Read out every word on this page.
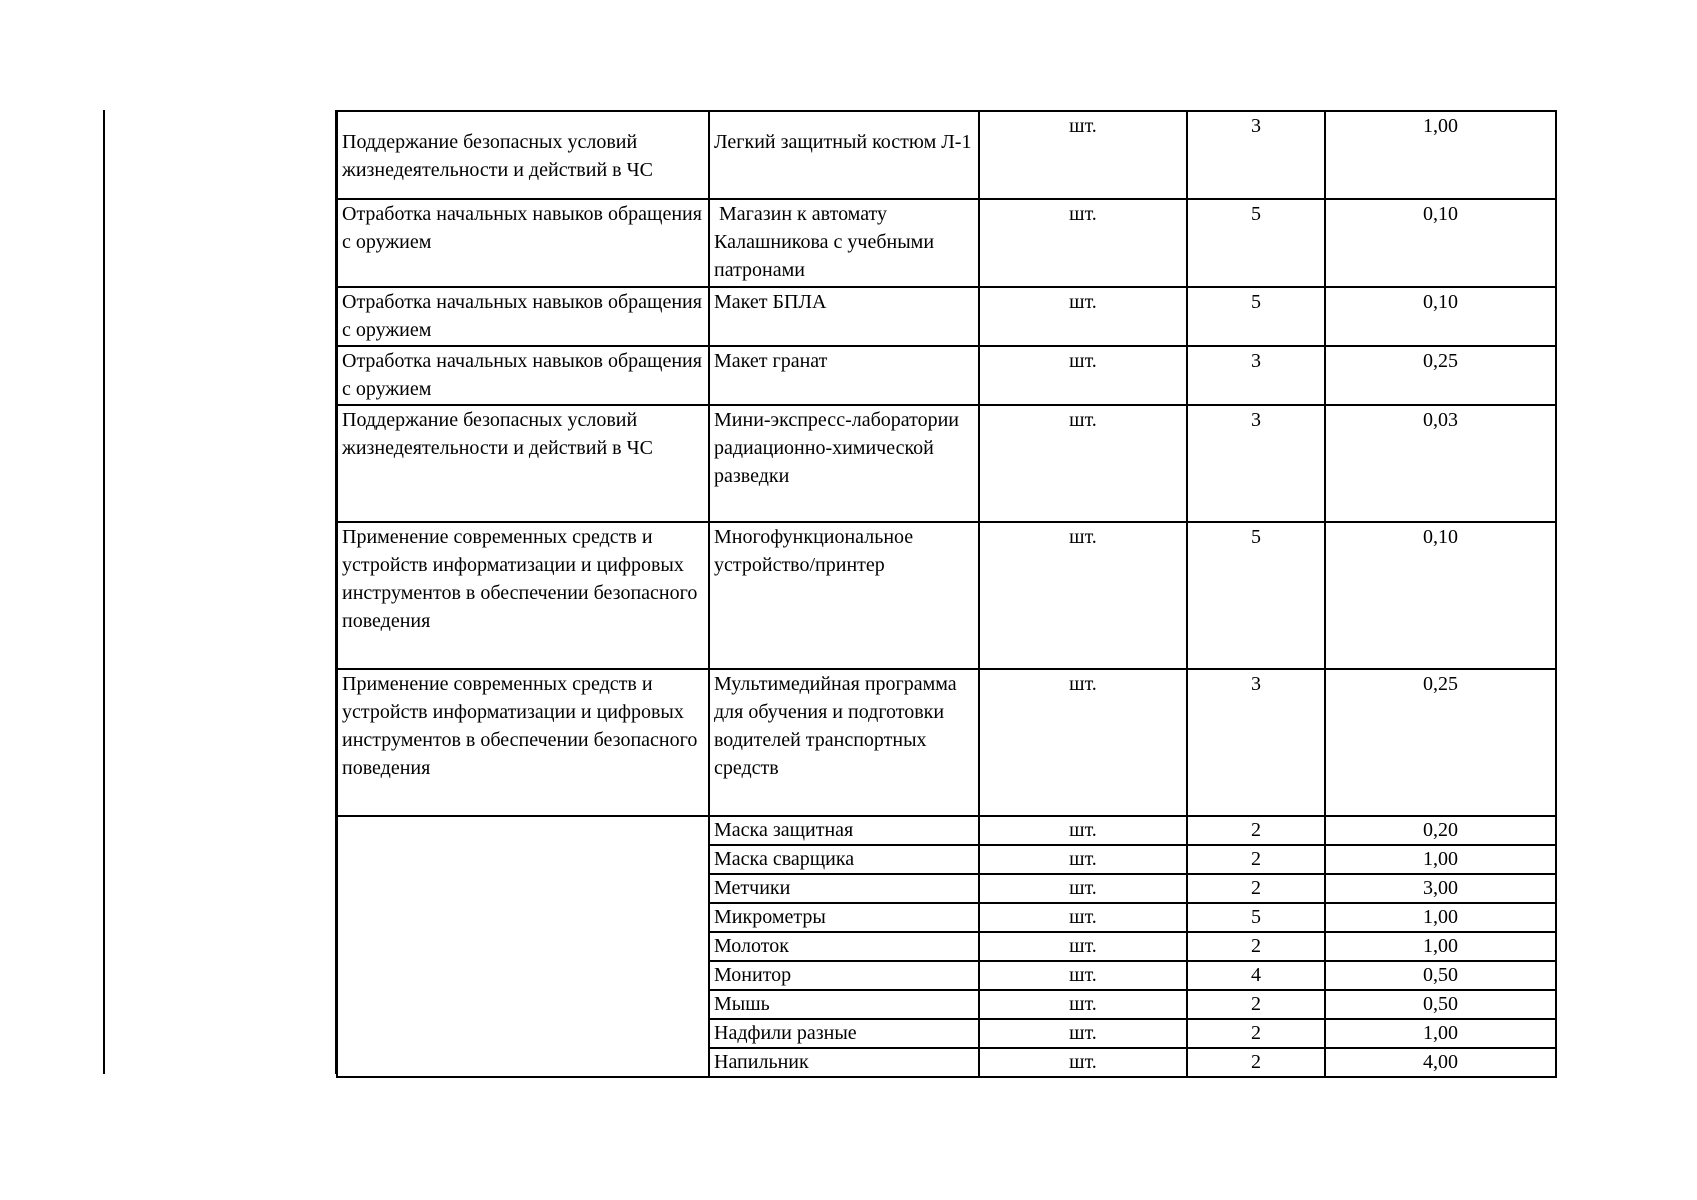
Поддержание безопасных условий жизнедеятельности и действий в ЧС	Легкий защитный костюм Л-1	шт.	3	1,00
Отработка начальных навыков обращения с оружием	Магазин к автомату Калашникова с учебными патронами	шт.	5	0,10
Отработка начальных навыков обращения с оружием	Макет БПЛА	шт.	5	0,10
Отработка начальных навыков обращения с оружием	Макет гранат	шт.	3	0,25
Поддержание безопасных условий жизнедеятельности и действий в ЧС	Мини-экспресс-лаборатории радиационно-химической разведки	шт.	3	0,03
Применение современных средств и устройств информатизации и цифровых инструментов в обеспечении безопасного поведения	Многофункциональное устройство/принтер	шт.	5	0,10
Применение современных средств и устройств информатизации и цифровых инструментов в обеспечении безопасного поведения	Мультимедийная программа для обучения и подготовки водителей транспортных средств	шт.	3	0,25
	Маска защитная	шт.	2	0,20
	Маска сварщика	шт.	2	1,00
	Метчики	шт.	2	3,00
	Микрометры	шт.	5	1,00
	Молоток	шт.	2	1,00
	Монитор	шт.	4	0,50
	Мышь	шт.	2	0,50
	Надфили разные	шт.	2	1,00
	Напильник	шт.	2	4,00
